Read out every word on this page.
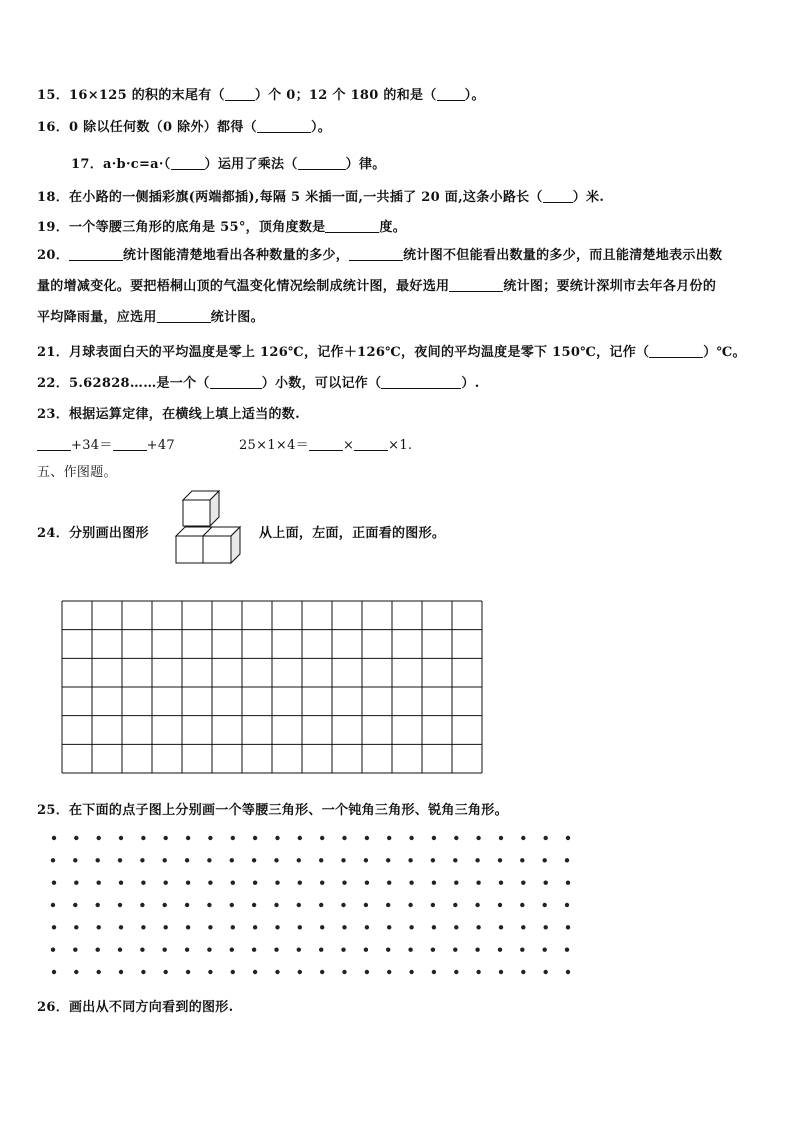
15．16×125 的积的末尾有（ ）个 0；12 个 180 的和是（ ）。
16．0 除以任何数（0 除外）都得（	）。
17．a·b·c=a·（	）运用了乘法（	）律。
18．在小路的一侧插彩旗(两端都插),每隔 5 米插一面,一共插了 20 面,这条小路长（ ）米.
19．一个等腰三角形的底角是 55°，顶角度数是	度。
20．	统计图能清楚地看出各种数量的多少，	统计图不但能看出数量的多少，而且能清楚地表示出数
量的增减变化。要把梧桐山顶的气温变化情况绘制成统计图，最好选用	统计图；要统计深圳市去年各月份的
平均降雨量，应选用	统计图。
21．月球表面白天的平均温度是零上 126℃，记作＋126℃，夜间的平均温度是零下 150℃，记作（	）℃。
22．5.62828……是一个（	）小数，可以记作（	）.
23．根据运算定律，在横线上填上适当的数.
+34＝	+47	25×1×4＝	×	×1.
五、作图题。
24．分别画出图形	从上面，左面，正面看的图形。
25．在下面的点子图上分别画一个等腰三角形、一个钝角三角形、锐角三角形。
26．画出从不同方向看到的图形.
